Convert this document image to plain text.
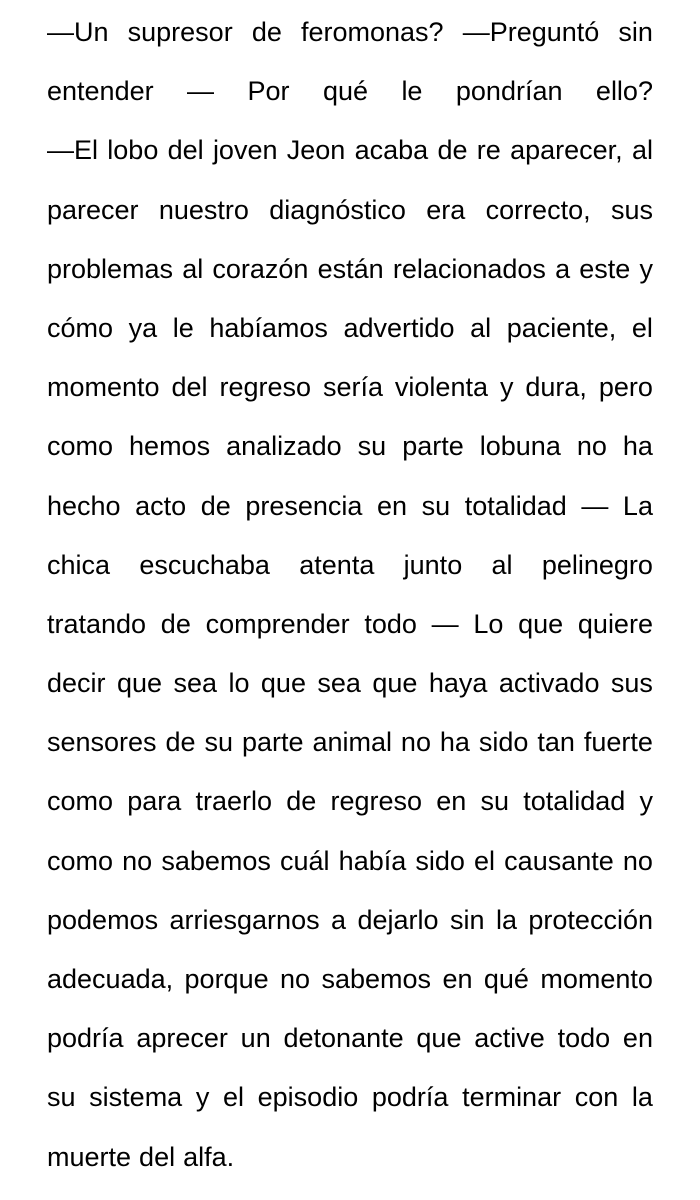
—Un supresor de feromonas? —Preguntó sin
entender — Por qué le pondrían ello?
—El lobo del joven Jeon acaba de re aparecer, al
parecer nuestro diagnóstico era correcto, sus
problemas al corazón están relacionados a este y
cómo ya le habíamos advertido al paciente, el
momento del regreso sería violenta y dura, pero
como hemos analizado su parte lobuna no ha
hecho acto de presencia en su totalidad — La
chica escuchaba atenta junto al pelinegro
tratando de comprender todo — Lo que quiere
decir que sea lo que sea que haya activado sus
sensores de su parte animal no ha sido tan fuerte
como para traerlo de regreso en su totalidad y
como no sabemos cuál había sido el causante no
podemos arriesgarnos a dejarlo sin la protección
adecuada, porque no sabemos en qué momento
podría aprecer un detonante que active todo en
su sistema y el episodio podría terminar con la
muerte del alfa.
